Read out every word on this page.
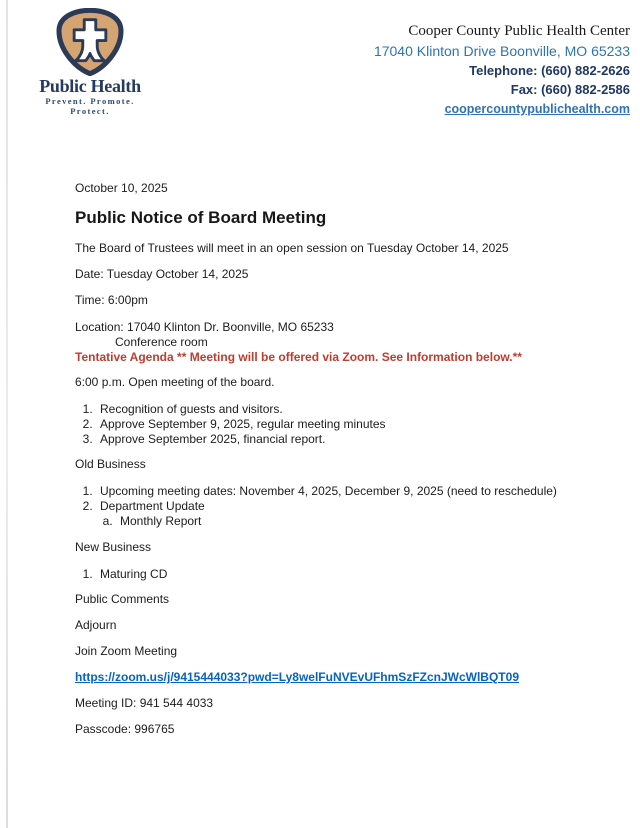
Public Health
Prevent. Promote. Protect.
Cooper County Public Health Center
17040 Klinton Drive Boonville, MO 65233
Telephone: (660) 882-2626
Fax: (660) 882-2586
coopercountypublichealth.com

October 10, 2025

Public Notice of Board Meeting

The Board of Trustees will meet in an open session on Tuesday October 14, 2025

Date: Tuesday October 14, 2025

Time: 6:00pm

Location: 17040 Klinton Dr. Boonville, MO 65233
Conference room
Tentative Agenda ** Meeting will be offered via Zoom. See Information below.**

6:00 p.m. Open meeting of the board.

1. Recognition of guests and visitors.
2. Approve September 9, 2025, regular meeting minutes
3. Approve September 2025, financial report.

Old Business

1. Upcoming meeting dates: November 4, 2025, December 9, 2025 (need to reschedule)
2. Department Update
a. Monthly Report

New Business

1. Maturing CD

Public Comments

Adjourn

Join Zoom Meeting

https://zoom.us/j/9415444033?pwd=Ly8welFuNVEvUFhmSzFZcnJWcWlBQT09

Meeting ID: 941 544 4033

Passcode: 996765
